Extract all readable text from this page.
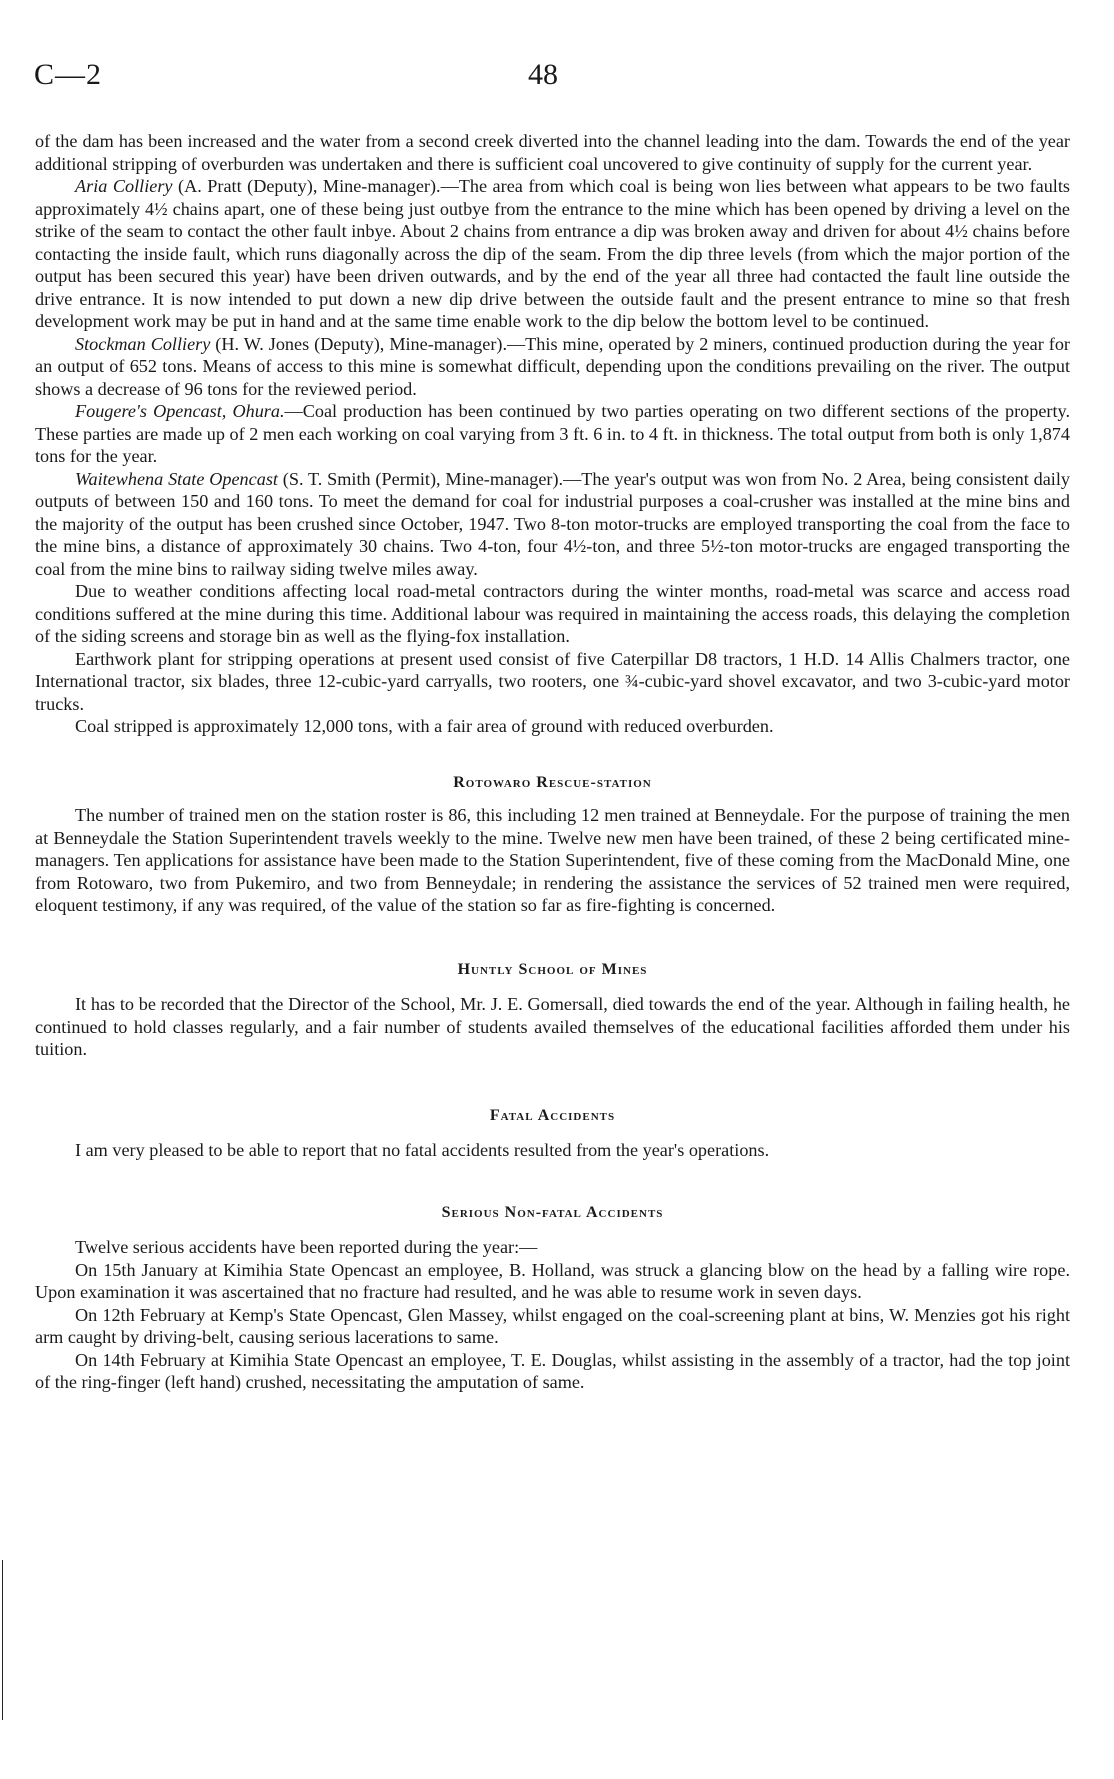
C—2	48

of the dam has been increased and the water from a second creek diverted into the channel leading into the dam. Towards the end of the year additional stripping of overburden was undertaken and there is sufficient coal uncovered to give continuity of supply for the current year.

Aria Colliery (A. Pratt (Deputy), Mine-manager).—The area from which coal is being won lies between what appears to be two faults approximately 4½ chains apart, one of these being just outbye from the entrance to the mine which has been opened by driving a level on the strike of the seam to contact the other fault inbye. About 2 chains from entrance a dip was broken away and driven for about 4½ chains before contacting the inside fault, which runs diagonally across the dip of the seam. From the dip three levels (from which the major portion of the output has been secured this year) have been driven outwards, and by the end of the year all three had contacted the fault line outside the drive entrance. It is now intended to put down a new dip drive between the outside fault and the present entrance to mine so that fresh development work may be put in hand and at the same time enable work to the dip below the bottom level to be continued.

Stockman Colliery (H. W. Jones (Deputy), Mine-manager).—This mine, operated by 2 miners, continued production during the year for an output of 652 tons. Means of access to this mine is somewhat difficult, depending upon the conditions prevailing on the river. The output shows a decrease of 96 tons for the reviewed period.

Fougere's Opencast, Ohura.—Coal production has been continued by two parties operating on two different sections of the property. These parties are made up of 2 men each working on coal varying from 3 ft. 6 in. to 4 ft. in thickness. The total output from both is only 1,874 tons for the year.

Waitewhena State Opencast (S. T. Smith (Permit), Mine-manager).—The year's output was won from No. 2 Area, being consistent daily outputs of between 150 and 160 tons. To meet the demand for coal for industrial purposes a coal-crusher was installed at the mine bins and the majority of the output has been crushed since October, 1947. Two 8-ton motor-trucks are employed transporting the coal from the face to the mine bins, a distance of approximately 30 chains. Two 4-ton, four 4½-ton, and three 5½-ton motor-trucks are engaged transporting the coal from the mine bins to railway siding twelve miles away.

Due to weather conditions affecting local road-metal contractors during the winter months, road-metal was scarce and access road conditions suffered at the mine during this time. Additional labour was required in maintaining the access roads, this delaying the completion of the siding screens and storage bin as well as the flying-fox installation.

Earthwork plant for stripping operations at present used consist of five Caterpillar D8 tractors, 1 H.D. 14 Allis Chalmers tractor, one International tractor, six blades, three 12-cubic-yard carryalls, two rooters, one ¾-cubic-yard shovel excavator, and two 3-cubic-yard motor trucks.

Coal stripped is approximately 12,000 tons, with a fair area of ground with reduced overburden.

Rotowaro Rescue-station

The number of trained men on the station roster is 86, this including 12 men trained at Benneydale. For the purpose of training the men at Benneydale the Station Superintendent travels weekly to the mine. Twelve new men have been trained, of these 2 being certificated mine-managers. Ten applications for assistance have been made to the Station Superintendent, five of these coming from the MacDonald Mine, one from Rotowaro, two from Pukemiro, and two from Benneydale; in rendering the assistance the services of 52 trained men were required, eloquent testimony, if any was required, of the value of the station so far as fire-fighting is concerned.

Huntly School of Mines

It has to be recorded that the Director of the School, Mr. J. E. Gomersall, died towards the end of the year. Although in failing health, he continued to hold classes regularly, and a fair number of students availed themselves of the educational facilities afforded them under his tuition.

Fatal Accidents

I am very pleased to be able to report that no fatal accidents resulted from the year's operations.

Serious Non-fatal Accidents

Twelve serious accidents have been reported during the year:—

On 15th January at Kimihia State Opencast an employee, B. Holland, was struck a glancing blow on the head by a falling wire rope. Upon examination it was ascertained that no fracture had resulted, and he was able to resume work in seven days.

On 12th February at Kemp's State Opencast, Glen Massey, whilst engaged on the coal-screening plant at bins, W. Menzies got his right arm caught by driving-belt, causing serious lacerations to same.

On 14th February at Kimihia State Opencast an employee, T. E. Douglas, whilst assisting in the assembly of a tractor, had the top joint of the ring-finger (left hand) crushed, necessitating the amputation of same.
